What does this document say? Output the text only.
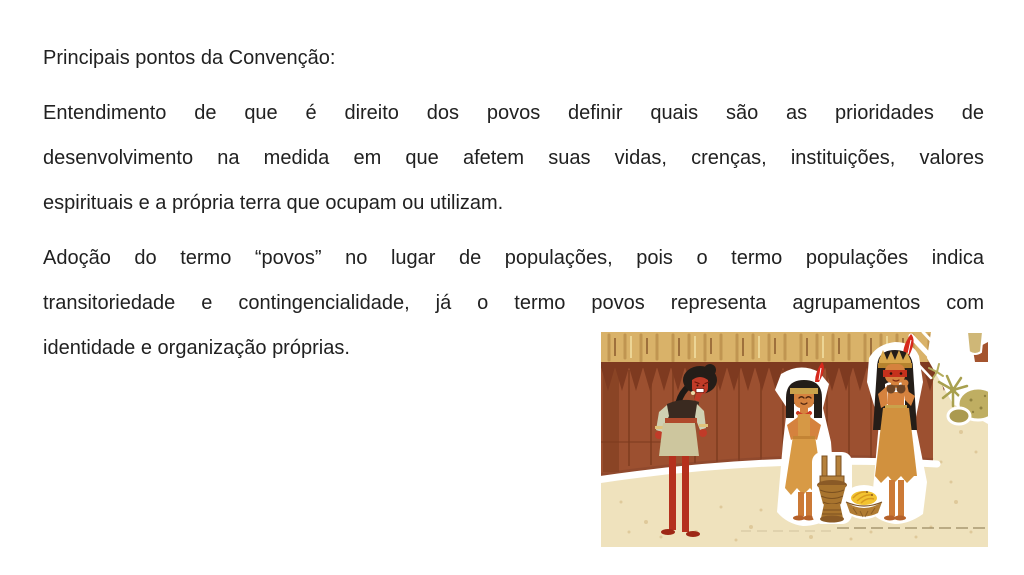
Principais pontos da Convenção:
Entendimento de que é direito dos povos definir quais são as prioridades de
desenvolvimento na medida em que afetem suas vidas, crenças, instituições, valores
espirituais e a própria terra que ocupam ou utilizam.
Adoção do termo “povos” no lugar de populações, pois o termo populações indica
transitoriedade e contingencialidade, já o termo povos representa agrupamentos com
identidade e organização próprias.
